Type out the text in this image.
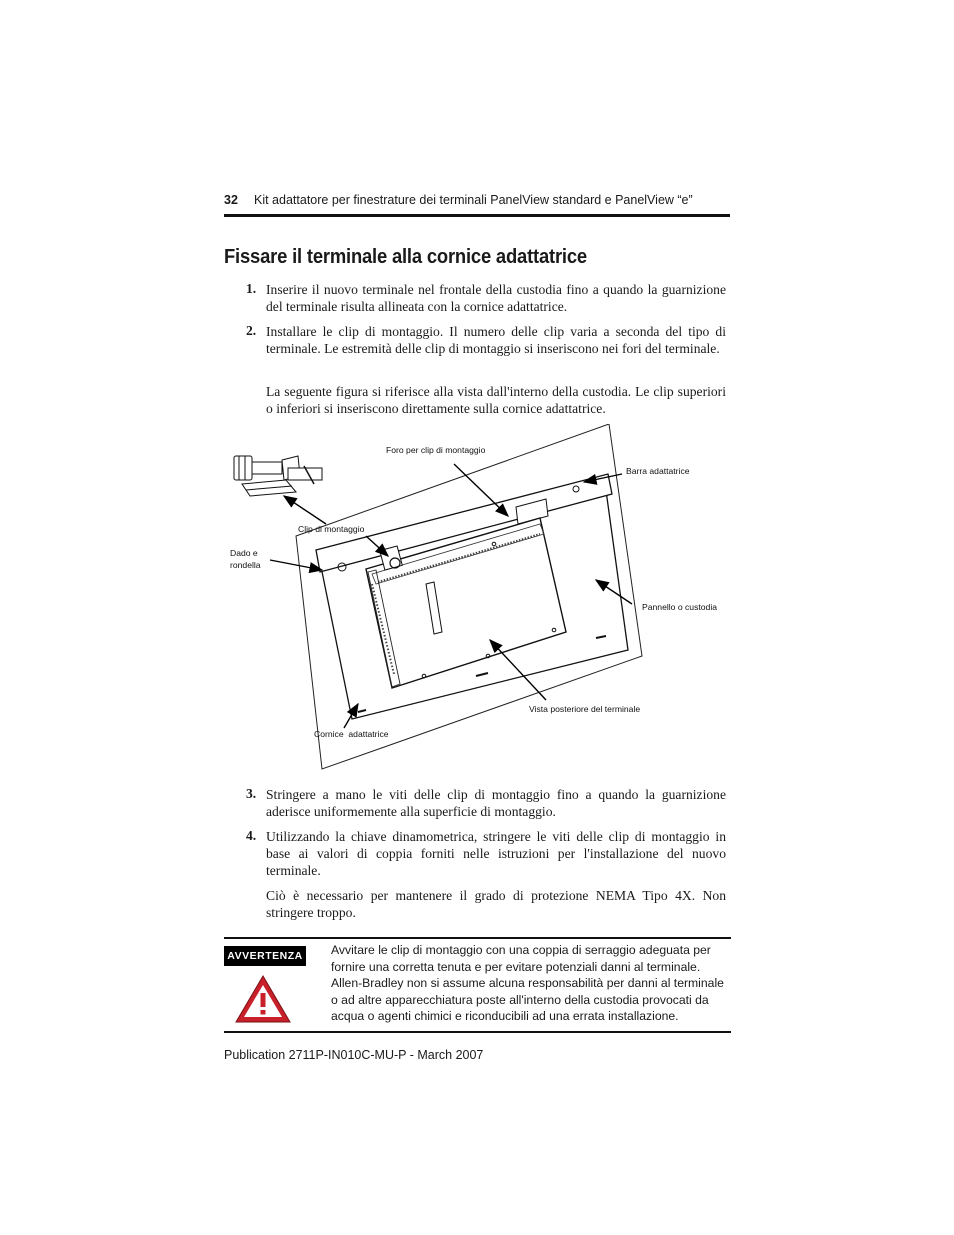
32 Kit adattatore per finestrature dei terminali PanelView standard e PanelView “e”
Fissare il terminale alla cornice adattatrice
1. Inserire il nuovo terminale nel frontale della custodia fino a quando la guarnizione del terminale risulta allineata con la cornice adattatrice.

2. Installare le clip di montaggio. Il numero delle clip varia a seconda del tipo di terminale. Le estremità delle clip di montaggio si inseriscono nei fori del terminale.

La seguente figura si riferisce alla vista dall'interno della custodia. Le clip superiori o inferiori si inseriscono direttamente sulla cornice adattatrice.

Foro per clip di montaggio
Barra adattatrice
Clip di montaggio
Dado e
rondella
Pannello o custodia
Vista posteriore del terminale
Cornice  adattatrice
3. Stringere a mano le viti delle clip di montaggio fino a quando la guarnizione aderisce uniformemente alla superficie di montaggio.

4. Utilizzando la chiave dinamometrica, stringere le viti delle clip di montaggio in base ai valori di coppia forniti nelle istruzioni per l'installazione del nuovo terminale.

Ciò è necessario per mantenere il grado di protezione NEMA Tipo 4X. Non stringere troppo.

AVVERTENZA Avvitare le clip di montaggio con una coppia di serraggio adeguata per fornire una corretta tenuta e per evitare potenziali danni al terminale. Allen-Bradley non si assume alcuna responsabilità per danni al terminale o ad altre apparecchiatura poste all'interno della custodia provocati da acqua o agenti chimici e riconducibili ad una errata installazione.

Publication 2711P-IN010C-MU-P - March 2007
